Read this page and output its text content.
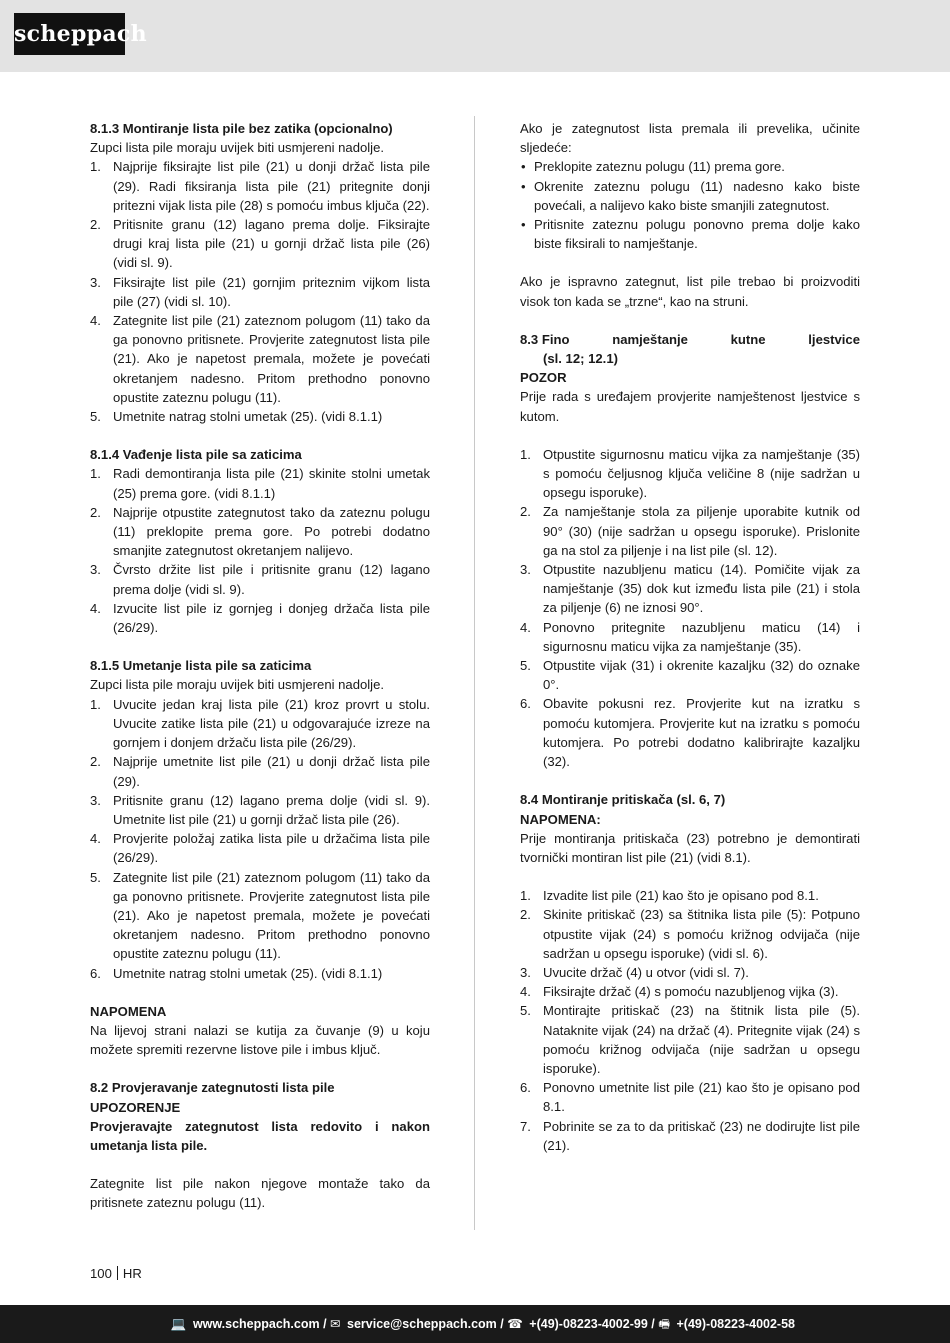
scheppach
8.1.3 Montiranje lista pile bez zatika (opcionalno)

Zupci lista pile moraju uvijek biti usmjereni nadolje.

1. Najprije fiksirajte list pile (21) u donji držač lista pile (29). Radi fiksiranja lista pile (21) pritegnite donji pritezni vijak lista pile (28) s pomoću imbus ključa (22).
2. Pritisnite granu (12) lagano prema dolje. Fiksirajte drugi kraj lista pile (21) u gornji držač lista pile (26) (vidi sl. 9).
3. Fiksirajte list pile (21) gornjim priteznim vijkom lista pile (27) (vidi sl. 10).
4. Zategnite list pile (21) zateznom polugom (11) tako da ga ponovno pritisnete. Provjerite zategnutost lista pile (21). Ako je napetost premala, možete je povećati okretanjem nadesno. Pritom prethodno ponovno opustite zateznu polugu (11).
5. Umetnite natrag stolni umetak (25). (vidi 8.1.1)
8.1.4 Vađenje lista pile sa zaticima
1. Radi demontiranja lista pile (21) skinite stolni umetak (25) prema gore. (vidi 8.1.1)
2. Najprije otpustite zategnutost tako da zateznu polugu (11) preklopite prema gore. Po potrebi dodatno smanjite zategnutost okretanjem nalijevo.
3. Čvrsto držite list pile i pritisnite granu (12) lagano prema dolje (vidi sl. 9).
4. Izvucite list pile iz gornjeg i donjeg držača lista pile (26/29).
8.1.5 Umetanje lista pile sa zaticima

Zupci lista pile moraju uvijek biti usmjereni nadolje.

1. Uvucite jedan kraj lista pile (21) kroz provrt u stolu. Uvucite zatike lista pile (21) u odgovarajuće izreze na gornjem i donjem držaču lista pile (26/29).
2. Najprije umetnite list pile (21) u donji držač lista pile (29).
3. Pritisnite granu (12) lagano prema dolje (vidi sl. 9). Umetnite list pile (21) u gornji držač lista pile (26).
4. Provjerite položaj zatika lista pile u držačima lista pile (26/29).
5. Zategnite list pile (21) zateznom polugom (11) tako da ga ponovno pritisnete. Provjerite zategnutost lista pile (21). Ako je napetost premala, možete je povećati okretanjem nadesno. Pritom prethodno ponovno opustite zateznu polugu (11).
6. Umetnite natrag stolni umetak (25). (vidi 8.1.1)
NAPOMENA

Na lijevoj strani nalazi se kutija za čuvanje (9) u koju možete spremiti rezervne listove pile i imbus ključ.

8.2 Provjeravanje zategnutosti lista pile
UPOZORENJE

Provjeravajte zategnutost lista redovito i nakon umetanja lista pile.

Zategnite list pile nakon njegove montaže tako da pritisnete zateznu polugu (11).

Ako je zategnutost lista premala ili prevelika, učinite sljedeće:

• Preklopite zateznu polugu (11) prema gore.
• Okrenite zateznu polugu (11) nadesno kako biste povećali, a nalijevo kako biste smanjili zategnutost.
• Pritisnite zateznu polugu ponovno prema dolje kako biste fiksirali to namještanje.

Ako je ispravno zategnut, list pile trebao bi proizvoditi visok ton kada se „trzne“, kao na struni.

8.3 Fino	namještanje	kutne	ljestvice
(sl. 12; 12.1)
POZOR

Prije rada s uređajem provjerite namještenost ljestvice s kutom.

1. Otpustite sigurnosnu maticu vijka za namještanje (35) s pomoću čeljusnog ključa veličine 8 (nije sadržan u opsegu isporuke).
2. Za namještanje stola za piljenje uporabite kutnik od 90° (30) (nije sadržan u opsegu isporuke). Prislonite ga na stol za piljenje i na list pile (sl. 12).
3. Otpustite nazubljenu maticu (14). Pomičite vijak za namještanje (35) dok kut između lista pile (21) i stola za piljenje (6) ne iznosi 90°.
4. Ponovno pritegnite nazubljenu maticu (14) i sigurnosnu maticu vijka za namještanje (35).
5. Otpustite vijak (31) i okrenite kazaljku (32) do oznake 0°.
6. Obavite pokusni rez. Provjerite kut na izratku s pomoću kutomjera. Provjerite kut na izratku s pomoću kutomjera. Po potrebi dodatno kalibrirajte kazaljku (32).
8.4 Montiranje pritiskača (sl. 6, 7)
NAPOMENA:

Prije montiranja pritiskača (23) potrebno je demontirati tvornički montiran list pile (21) (vidi 8.1).

1. Izvadite list pile (21) kao što je opisano pod 8.1.
2. Skinite pritiskač (23) sa štitnika lista pile (5): Potpuno otpustite vijak (24) s pomoću križnog odvijača (nije sadržan u opsegu isporuke) (vidi sl. 6).
3. Uvucite držač (4) u otvor (vidi sl. 7).
4. Fiksirajte držač (4) s pomoću nazubljenog vijka (3).
5. Montirajte pritiskač (23) na štitnik lista pile (5). Nataknite vijak (24) na držač (4). Pritegnite vijak (24) s pomoću križnog odvijača (nije sadržan u opsegu isporuke).
6. Ponovno umetnite list pile (21) kao što je opisano pod 8.1.
7. Pobrinite se za to da pritiskač (23) ne dodirujte list pile (21).
100 HR
💻 www.scheppach.com / ✉ service@scheppach.com / ☎ +(49)-08223-4002-99 / 🖷 +(49)-08223-4002-58
